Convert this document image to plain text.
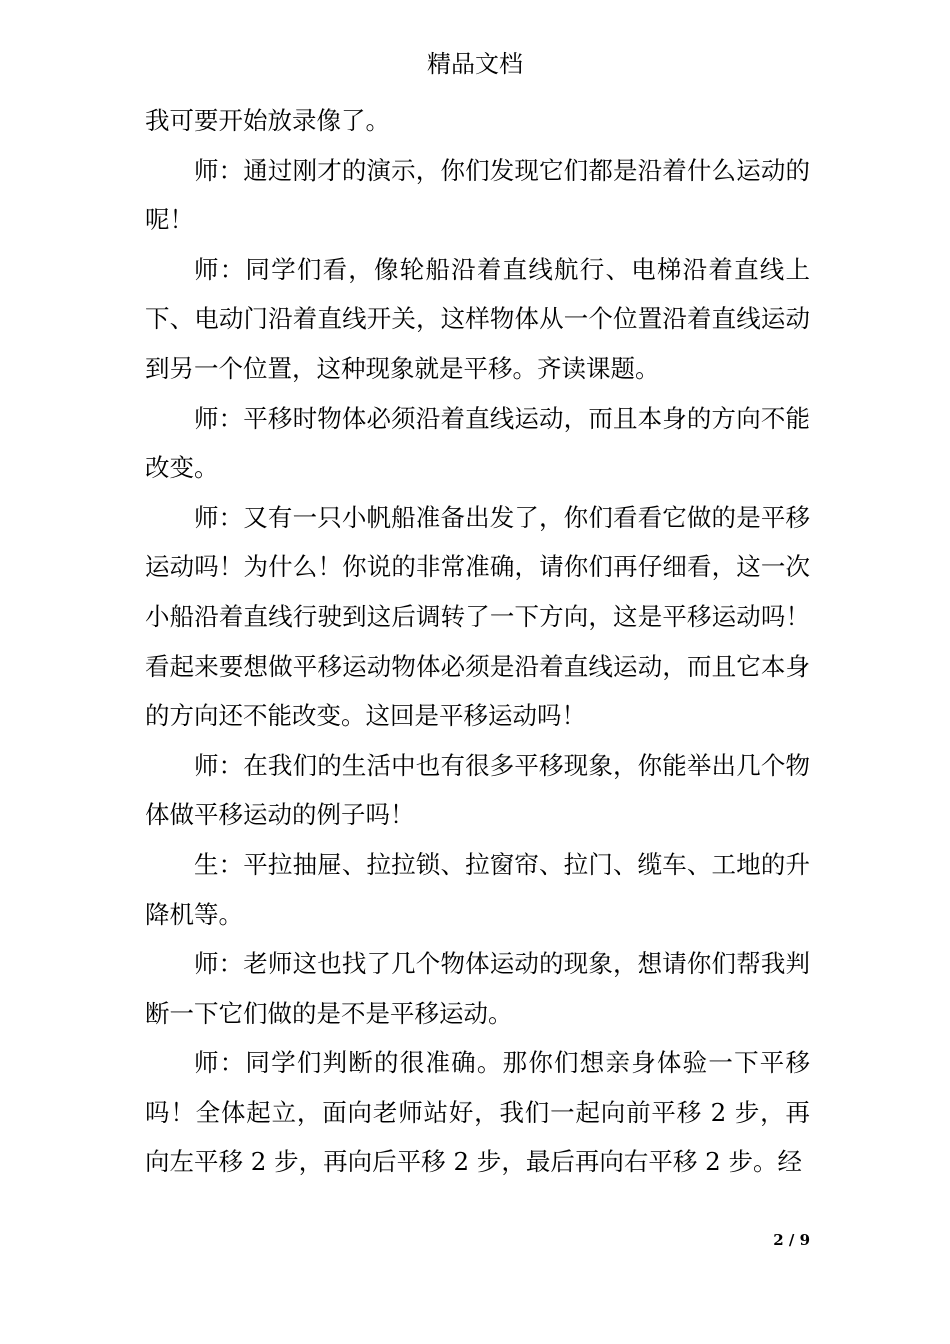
精品文档

我可要开始放录像了。

师：通过刚才的演示，你们发现它们都是沿着什么运动的呢！

师：同学们看，像轮船沿着直线航行、电梯沿着直线上下、电动门沿着直线开关，这样物体从一个位置沿着直线运动到另一个位置，这种现象就是平移。齐读课题。

师：平移时物体必须沿着直线运动，而且本身的方向不能改变。

师：又有一只小帆船准备出发了，你们看看它做的是平移运动吗！为什么！你说的非常准确，请你们再仔细看，这一次小船沿着直线行驶到这后调转了一下方向，这是平移运动吗！看起来要想做平移运动物体必须是沿着直线运动，而且它本身的方向还不能改变。这回是平移运动吗！

师：在我们的生活中也有很多平移现象，你能举出几个物体做平移运动的例子吗！

生：平拉抽屉、拉拉锁、拉窗帘、拉门、缆车、工地的升降机等。

师：老师这也找了几个物体运动的现象，想请你们帮我判断一下它们做的是不是平移运动。

师：同学们判断的很准确。那你们想亲身体验一下平移吗！全体起立，面向老师站好，我们一起向前平移 2 步，再向左平移 2 步，再向后平移 2 步，最后再向右平移 2 步。经

2 / 9
